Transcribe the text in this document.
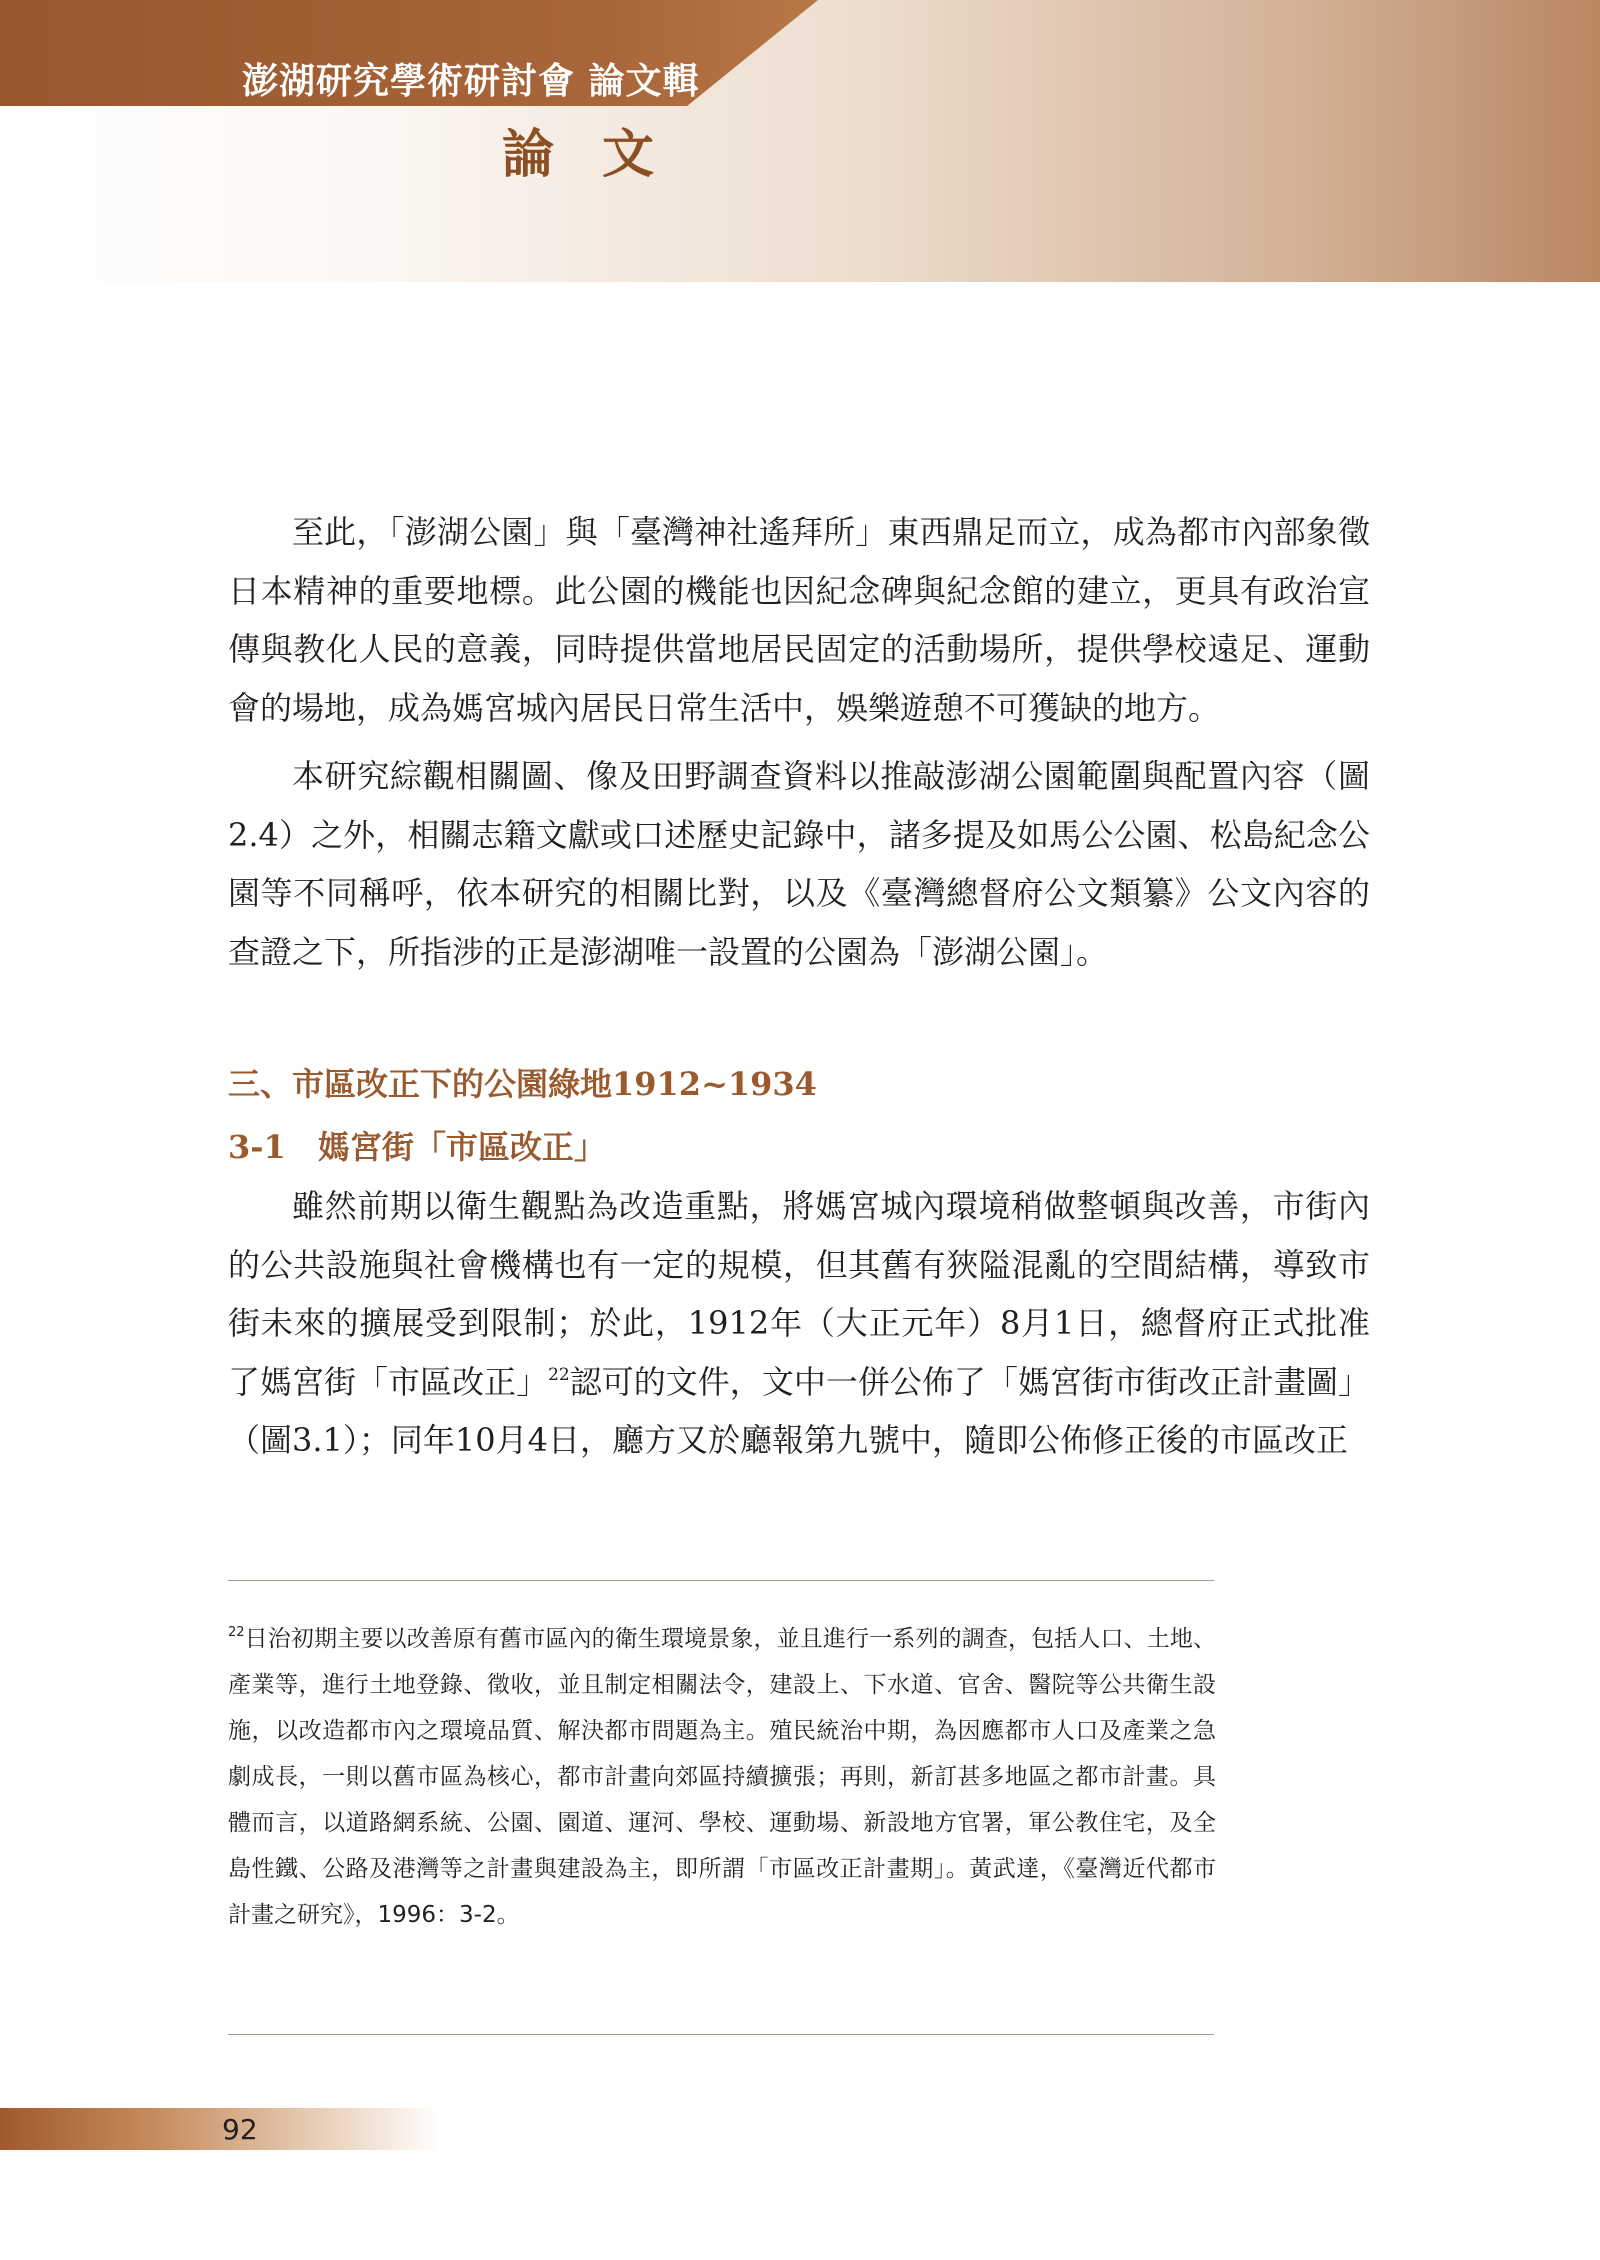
澎湖研究學術研討會 論文輯
論文

至此，「澎湖公園」與「臺灣神社遙拜所」東西鼎足而立，成為都市內部象徵日本精神的重要地標。此公園的機能也因紀念碑與紀念館的建立，更具有政治宣傳與教化人民的意義，同時提供當地居民固定的活動場所，提供學校遠足、運動會的場地，成為媽宮城內居民日常生活中，娛樂遊憩不可獲缺的地方。

本研究綜觀相關圖、像及田野調查資料以推敲澎湖公園範圍與配置內容（圖2.4）之外，相關志籍文獻或口述歷史記錄中，諸多提及如馬公公園、松島紀念公園等不同稱呼，依本研究的相關比對，以及《臺灣總督府公文類纂》公文內容的查證之下，所指涉的正是澎湖唯一設置的公園為「澎湖公園」。

三、市區改正下的公園綠地1912~1934
3-1　媽宮街「市區改正」

雖然前期以衛生觀點為改造重點，將媽宮城內環境稍做整頓與改善，市街內的公共設施與社會機構也有一定的規模，但其舊有狹隘混亂的空間結構，導致市街未來的擴展受到限制；於此，1912年（大正元年）8月1日，總督府正式批准了媽宮街「市區改正」$^{22}$認可的文件，文中一併公佈了「媽宮街市街改正計畫圖」（圖3.1）；同年10月4日，廳方又於廳報第九號中，隨即公佈修正後的市區改正

$^{22}$日治初期主要以改善原有舊市區內的衛生環境景象，並且進行一系列的調查，包括人口、土地、產業等，進行土地登錄、徵收，並且制定相關法令，建設上、下水道、官舍、醫院等公共衛生設施，以改造都市內之環境品質、解決都市問題為主。殖民統治中期，為因應都市人口及產業之急劇成長，一則以舊市區為核心，都市計畫向郊區持續擴張；再則，新訂甚多地區之都市計畫。具體而言，以道路網系統、公園、園道、運河、學校、運動場、新設地方官署，軍公教住宅，及全島性鐵、公路及港灣等之計畫與建設為主，即所謂「市區改正計畫期」。黃武達，《臺灣近代都市計畫之研究》，1996：3-2。

92
